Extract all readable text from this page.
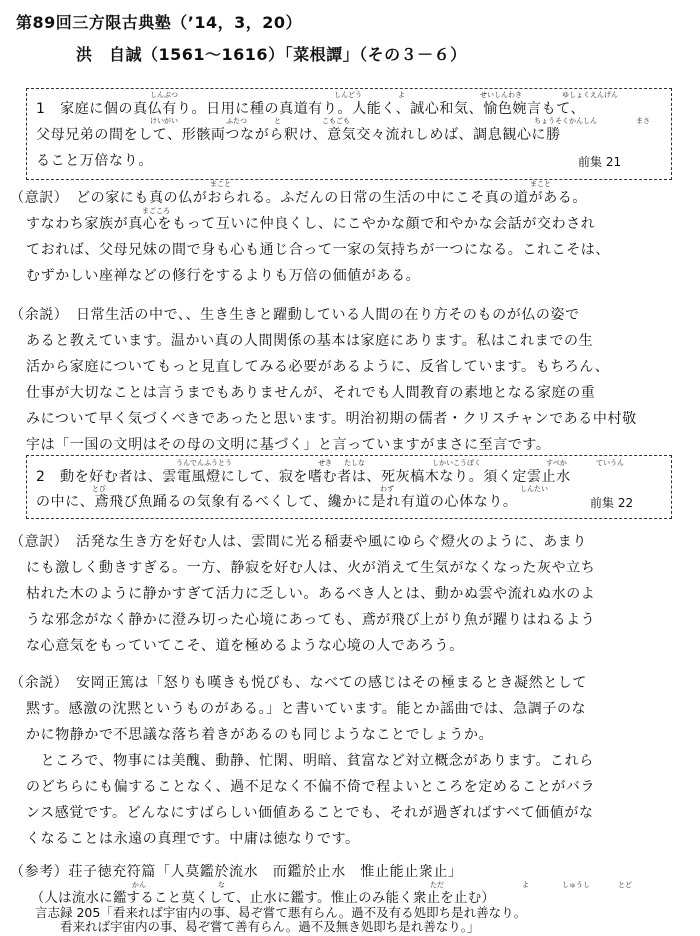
第89回三方限古典塾（’14，3，20）
洪　自誠（1561～1616）「菜根譚」（その３－６）
しんぶつ	しんどう	よ	せいしんわき	ゆしょくえんげん
1　家庭に個の真仏有り。日用に種の真道有り。人能く、誠心和気、愉色婉言もて、
けいがい	ふたつ	と	こもごも	ちょうそくかんしん	まさ
父母兄弟の間をして、形骸両つながら釈け、意気交々流れしめば、調息観心に勝
ること万倍なり。	前集 21
まこと	まこと
（意訳）　どの家にも真の仏がおられる。ふだんの日常の生活の中にこそ真の道がある。
まごころ
すなわち家族が真心をもって互いに仲良くし、にこやかな顔で和やかな会話が交わされ
ておれば、父母兄妹の間で身も心も通じ合って一家の気持ちが一つになる。これこそは、
むずかしい座禅などの修行をするよりも万倍の価値がある。
（余説）　日常生活の中で、、生き生きと躍動している人間の在り方そのものが仏の姿で
あると教えています。温かい真の人間関係の基本は家庭にあります。私はこれまでの生
活から家庭についてもっと見直してみる必要があるように、反省しています。もちろん、
仕事が大切なことは言うまでもありませんが、それでも人間教育の素地となる家庭の重
みについて早く気づくべきであったと思います。明治初期の儒者・クリスチャンである中村敬
宇は「一国の文明はその母の文明に基づく」と言っていますがまさに至言です。
うんでんふうとう	せき たしな	しかいこうぼく	すべか	ていうん
2　動を好む者は、雲電風燈にして、寂を嗜む者は、死灰槁木なり。須く定雲止水
とび	わず	しんたい
の中に、鳶飛び魚踊るの気象有るべくして、纔かに是れ有道の心体なり。	前集 22
（意訳）　活発な生き方を好む人は、雲間に光る稲妻や風にゆらぐ燈火のように、あまり
にも激しく動きすぎる。一方、静寂を好む人は、火が消えて生気がなくなった灰や立ち
枯れた木のように静かすぎて活力に乏しい。あるべき人とは、動かぬ雲や流れぬ水のよ
うな邪念がなく静かに澄み切った心境にあっても、鳶が飛び上がり魚が躍りはねるよう
な心意気をもっていてこそ、道を極めるような心境の人であろう。
（余説）　安岡正篤は「怒りも嘆きも悦びも、なべての感じはその極まるとき凝然として
黙す。感激の沈黙というものがある。」と書いています。能とか謡曲では、急調子のな
かに物静かで不思議な落ち着きがあるのも同じようなことでしょうか。
　ところで、物事には美醜、動静、忙閑、明暗、貧富など対立概念があります。これら
のどちらにも偏することなく、過不足なく不偏不倚で程よいところを定めることがバラ
ンス感覚です。どんなにすばらしい価値あることでも、それが過ぎればすべて価値がな
くなることは永遠の真理です。中庸は徳なりです。
（参考）荘子徳充符篇「人莫鑑於流水　而鑑於止水　惟止能止衆止」
かん	な	ただ	よ	しゅうし	とど
　　（人は流水に鑑すること莫くして、止水に鑑す。惟止のみ能く衆止を止む）
　　言志録 205「看来れば宇宙内の事、曷ぞ嘗て悪有らん。過不及有る処即ち是れ善なり。
　　　　看来れば宇宙内の事、曷ぞ嘗て善有らん。過不及無き処即ち是れ善なり。」
